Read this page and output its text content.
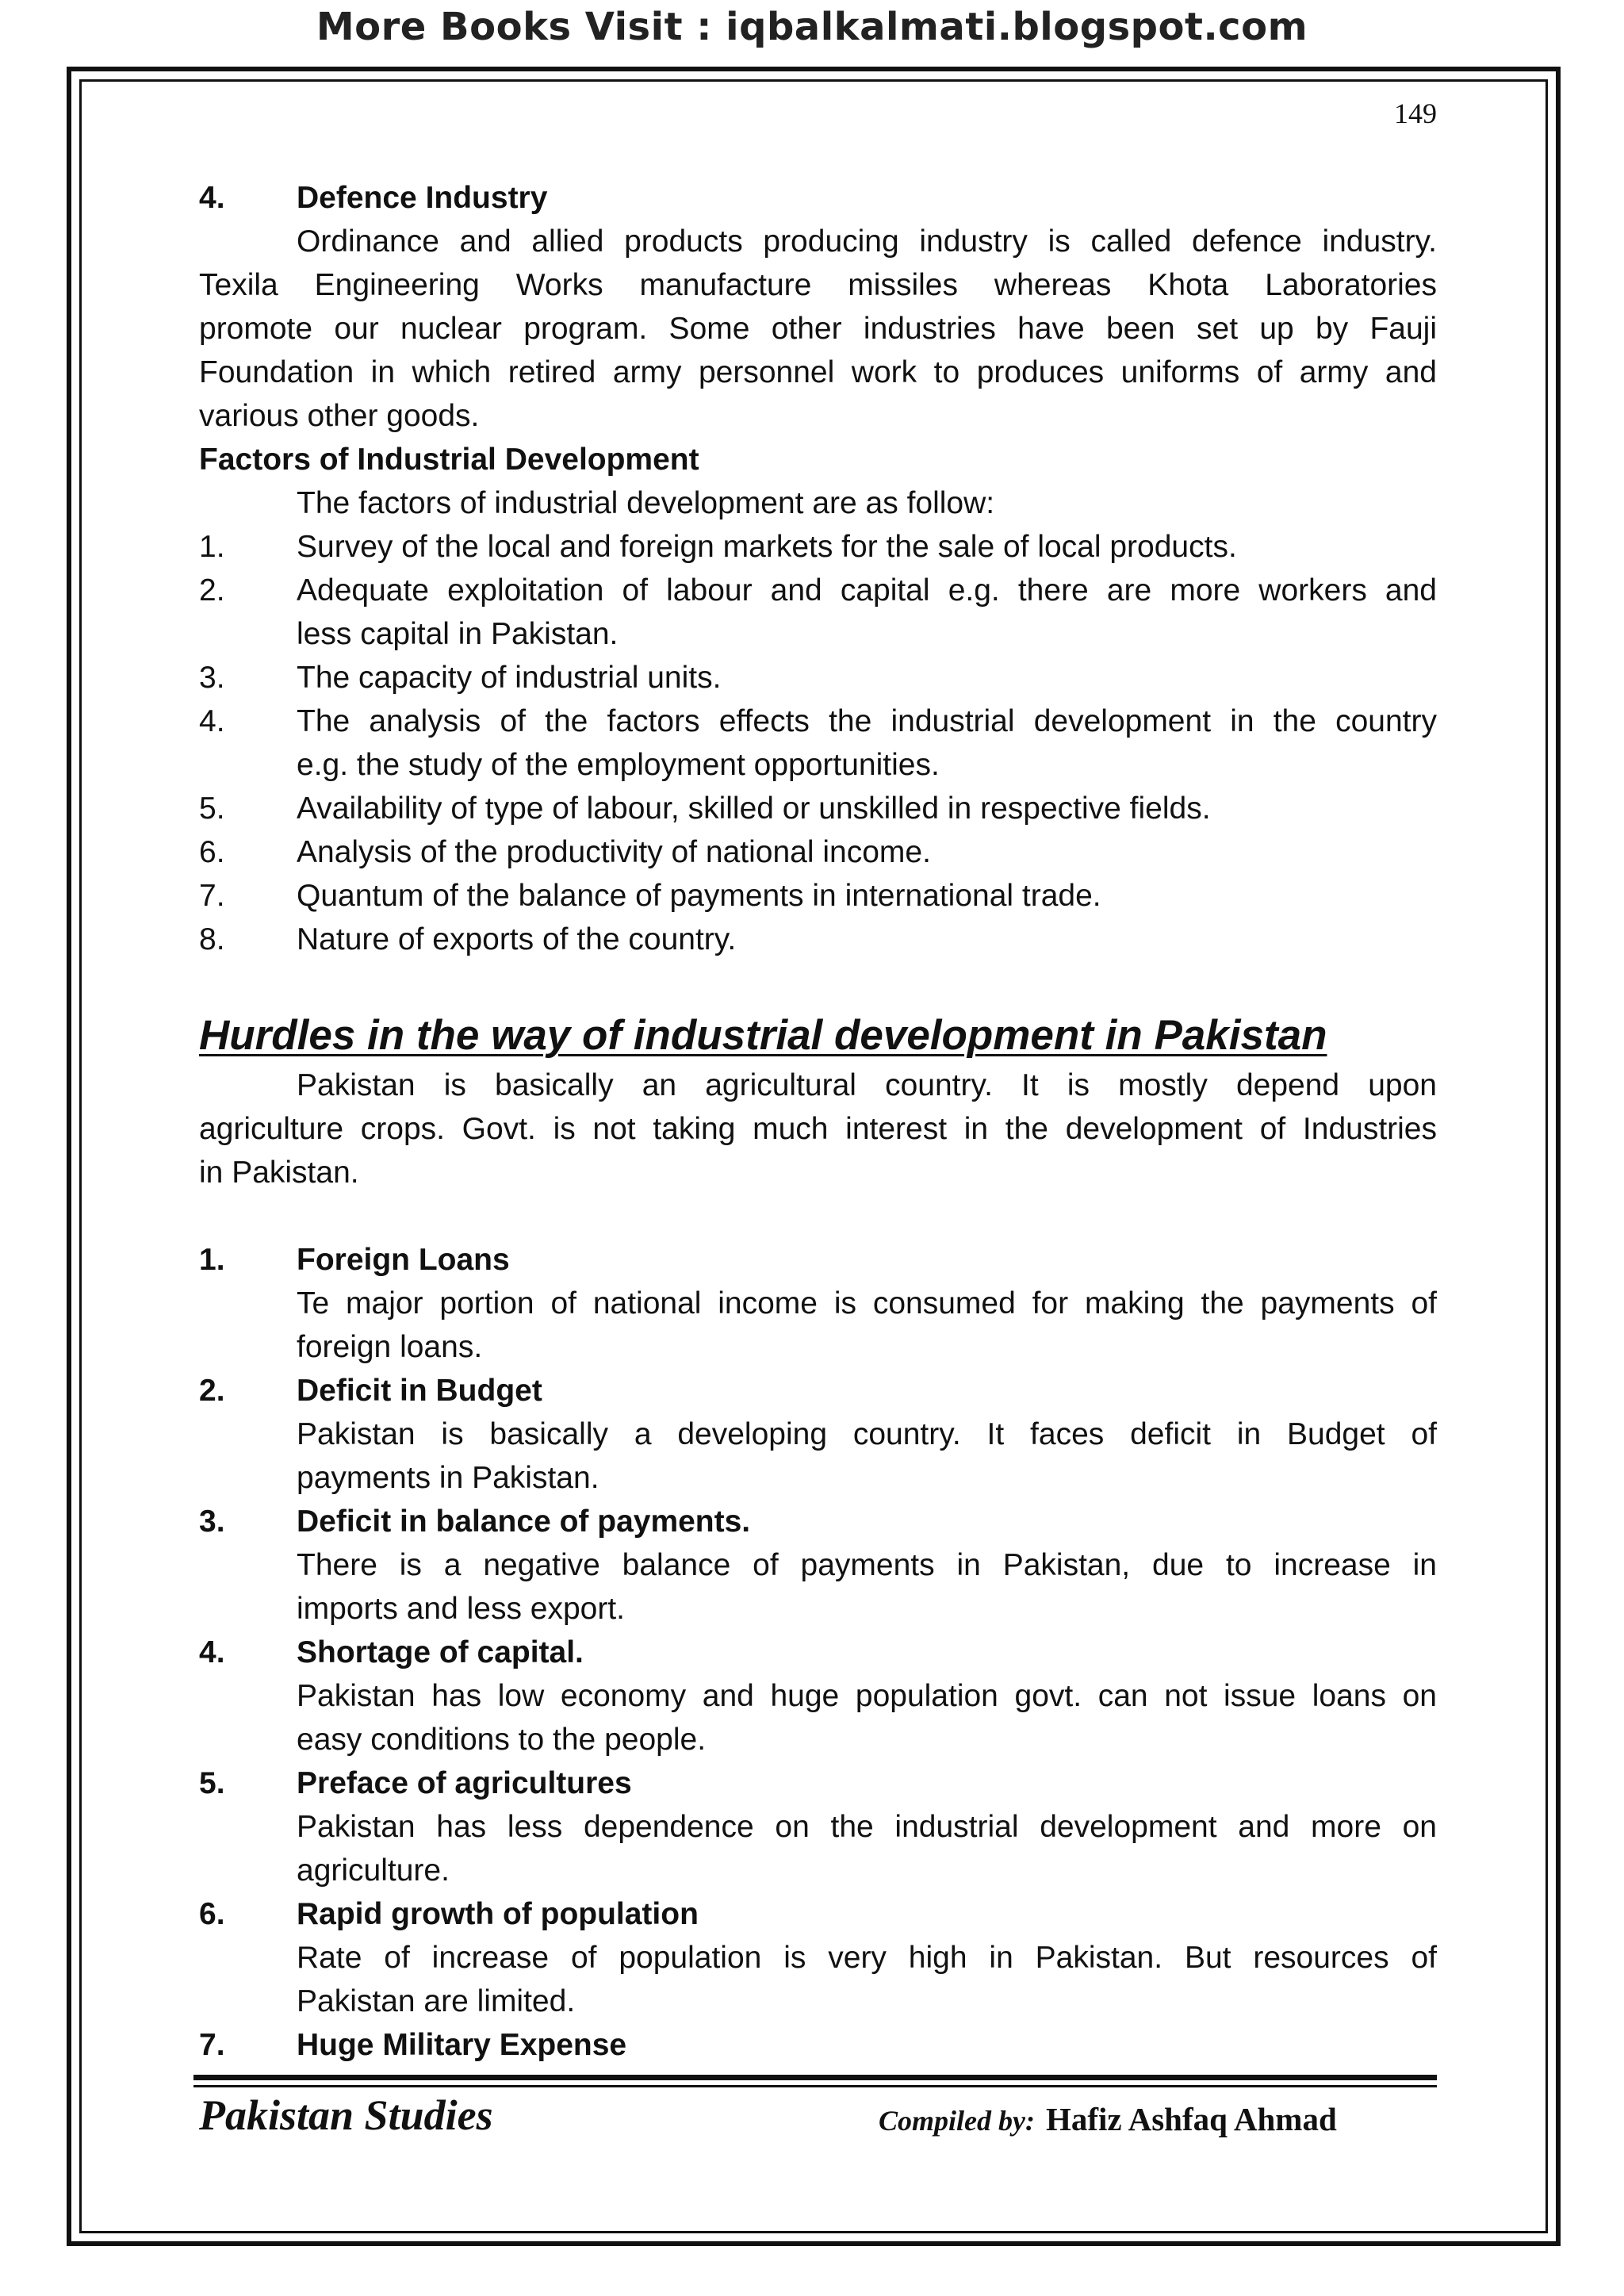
More Books Visit : iqbalkalmati.blogspot.com
149
4. Defence Industry
Ordinance and allied products producing industry is called defence industry.
Texila Engineering Works manufacture missiles whereas Khota Laboratories
promote our nuclear program. Some other industries have been set up by Fauji
Foundation in which retired army personnel work to produces uniforms of army and
various other goods.
Factors of Industrial Development
The factors of industrial development are as follow:
1.	Survey of the local and foreign markets for the sale of local products.
2.	Adequate exploitation of labour and capital e.g. there are more workers and
less capital in Pakistan.
3.	The capacity of industrial units.
4.	The analysis of the factors effects the industrial development in the country
e.g. the study of the employment opportunities.
5.	Availability of type of labour, skilled or unskilled in respective fields.
6.	Analysis of the productivity of national income.
7.	Quantum of the balance of payments in international trade.
8.	Nature of exports of the country.
Hurdles in the way of industrial development in Pakistan
Pakistan is basically an agricultural country. It is mostly depend upon
agriculture crops. Govt. is not taking much interest in the development of Industries
in Pakistan.
1.	Foreign Loans
Te major portion of national income is consumed for making the payments of
foreign loans.
2.	Deficit in Budget
Pakistan is basically a developing country. It faces deficit in Budget of
payments in Pakistan.
3.	Deficit in balance of payments.
There is a negative balance of payments in Pakistan, due to increase in
imports and less export.
4.	Shortage of capital.
Pakistan has low economy and huge population govt. can not issue loans on
easy conditions to the people.
5.	Preface of agricultures
Pakistan has less dependence on the industrial development and more on
agriculture.
6.	Rapid growth of population
Rate of increase of population is very high in Pakistan. But resources of
Pakistan are limited.
7.	Huge Military Expense
Pakistan Studies	Compiled by: Hafiz Ashfaq Ahmad
